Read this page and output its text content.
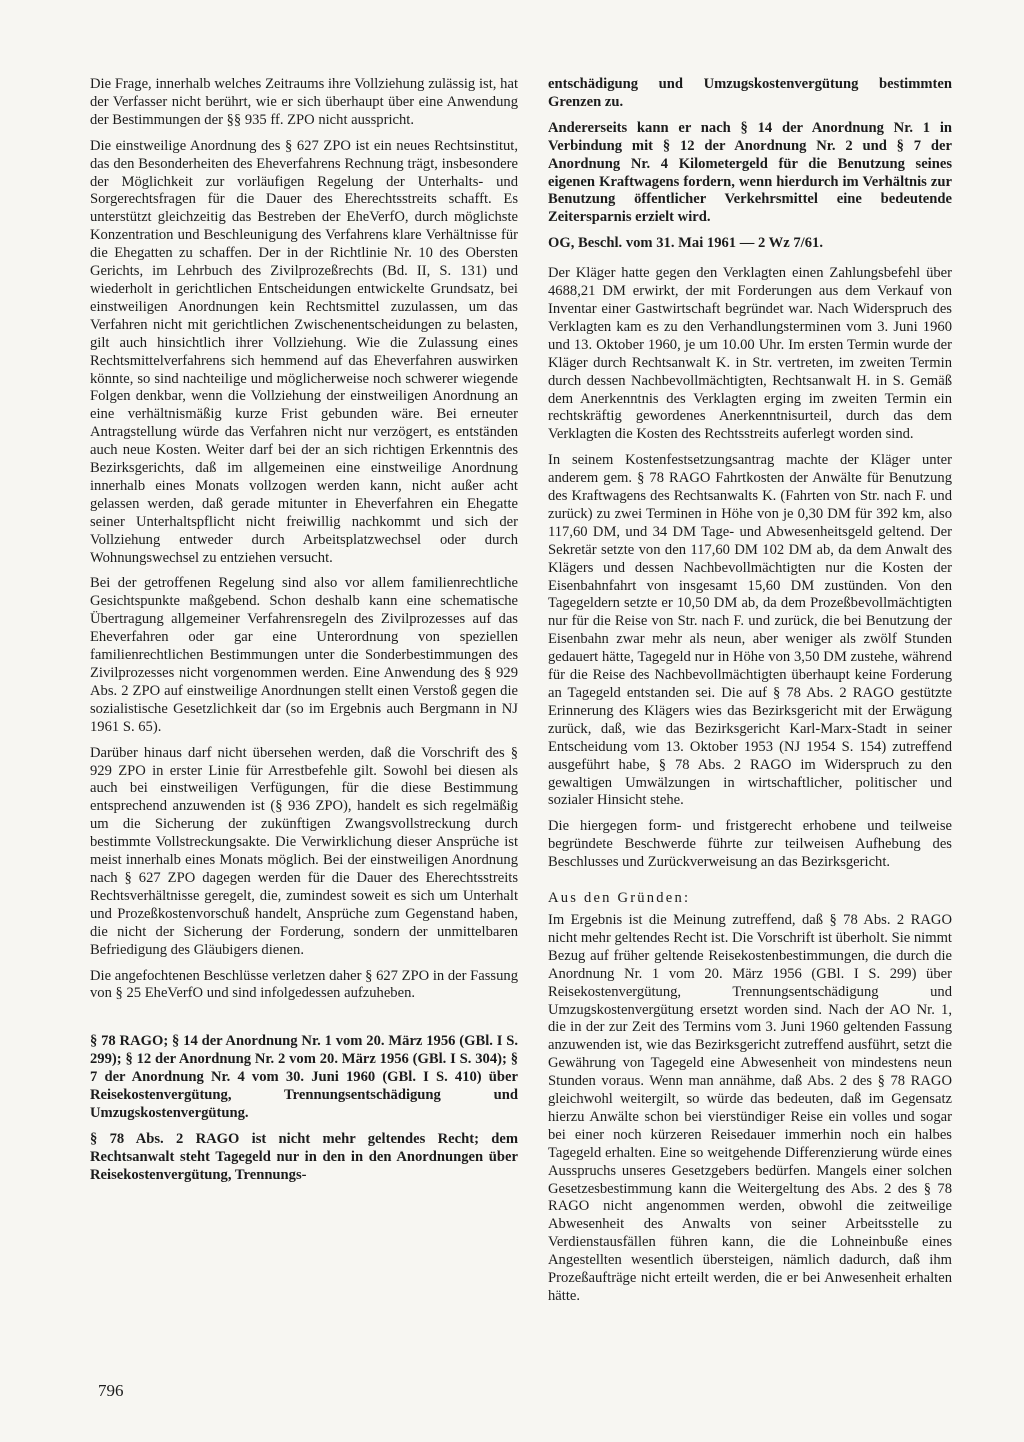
Die Frage, innerhalb welches Zeitraums ihre Vollziehung zulässig ist, hat der Verfasser nicht berührt, wie er sich überhaupt über eine Anwendung der Bestimmungen der §§ 935 ff. ZPO nicht ausspricht.

Die einstweilige Anordnung des § 627 ZPO ist ein neues Rechtsinstitut, das den Besonderheiten des Eheverfahrens Rechnung trägt, insbesondere der Möglichkeit zur vorläufigen Regelung der Unterhalts- und Sorgerechtsfragen für die Dauer des Eherechtsstreits schafft. Es unterstützt gleichzeitig das Bestreben der EheVerfO, durch möglichste Konzentration und Beschleunigung des Verfahrens klare Verhältnisse für die Ehegatten zu schaffen. Der in der Richtlinie Nr. 10 des Obersten Gerichts, im Lehrbuch des Zivilprozeßrechts (Bd. II, S. 131) und wiederholt in gerichtlichen Entscheidungen entwickelte Grundsatz, bei einstweiligen Anordnungen kein Rechtsmittel zuzulassen, um das Verfahren nicht mit gerichtlichen Zwischenentscheidungen zu belasten, gilt auch hinsichtlich ihrer Vollziehung. Wie die Zulassung eines Rechtsmittelverfahrens sich hemmend auf das Eheverfahren auswirken könnte, so sind nachteilige und möglicherweise noch schwerer wiegende Folgen denkbar, wenn die Vollziehung der einstweiligen Anordnung an eine verhältnismäßig kurze Frist gebunden wäre. Bei erneuter Antragstellung würde das Verfahren nicht nur verzögert, es entständen auch neue Kosten. Weiter darf bei der an sich richtigen Erkenntnis des Bezirksgerichts, daß im allgemeinen eine einstweilige Anordnung innerhalb eines Monats vollzogen werden kann, nicht außer acht gelassen werden, daß gerade mitunter in Eheverfahren ein Ehegatte seiner Unterhaltspflicht nicht freiwillig nachkommt und sich der Vollziehung entweder durch Arbeitsplatzwechsel oder durch Wohnungswechsel zu entziehen versucht.

Bei der getroffenen Regelung sind also vor allem familienrechtliche Gesichtspunkte maßgebend. Schon deshalb kann eine schematische Übertragung allgemeiner Verfahrensregeln des Zivilprozesses auf das Eheverfahren oder gar eine Unterordnung von speziellen familienrechtlichen Bestimmungen unter die Sonderbestimmungen des Zivilprozesses nicht vorgenommen werden. Eine Anwendung des § 929 Abs. 2 ZPO auf einstweilige Anordnungen stellt einen Verstoß gegen die sozialistische Gesetzlichkeit dar (so im Ergebnis auch Bergmann in NJ 1961 S. 65).

Darüber hinaus darf nicht übersehen werden, daß die Vorschrift des § 929 ZPO in erster Linie für Arrestbefehle gilt. Sowohl bei diesen als auch bei einstweiligen Verfügungen, für die diese Bestimmung entsprechend anzuwenden ist (§ 936 ZPO), handelt es sich regelmäßig um die Sicherung der zukünftigen Zwangsvollstreckung durch bestimmte Vollstreckungsakte. Die Verwirklichung dieser Ansprüche ist meist innerhalb eines Monats möglich. Bei der einstweiligen Anordnung nach § 627 ZPO dagegen werden für die Dauer des Eherechtsstreits Rechtsverhältnisse geregelt, die, zumindest soweit es sich um Unterhalt und Prozeßkostenvorschuß handelt, Ansprüche zum Gegenstand haben, die nicht der Sicherung der Forderung, sondern der unmittelbaren Befriedigung des Gläubigers dienen.

Die angefochtenen Beschlüsse verletzen daher § 627 ZPO in der Fassung von § 25 EheVerfO und sind infolgedessen aufzuheben.

§ 78 RAGO; § 14 der Anordnung Nr. 1 vom 20. März 1956 (GBl. I S. 299); § 12 der Anordnung Nr. 2 vom 20. März 1956 (GBl. I S. 304); § 7 der Anordnung Nr. 4 vom 30. Juni 1960 (GBl. I S. 410) über Reisekostenvergütung, Trennungsentschädigung und Umzugskostenvergütung.

§ 78 Abs. 2 RAGO ist nicht mehr geltendes Recht; dem Rechtsanwalt steht Tagegeld nur in den in den Anordnungen über Reisekostenvergütung, Trennungs-

entschädigung und Umzugskostenvergütung bestimmten Grenzen zu.

Andererseits kann er nach § 14 der Anordnung Nr. 1 in Verbindung mit § 12 der Anordnung Nr. 2 und § 7 der Anordnung Nr. 4 Kilometergeld für die Benutzung seines eigenen Kraftwagens fordern, wenn hierdurch im Verhältnis zur Benutzung öffentlicher Verkehrsmittel eine bedeutende Zeitersparnis erzielt wird.

OG, Beschl. vom 31. Mai 1961 — 2 Wz 7/61.

Der Kläger hatte gegen den Verklagten einen Zahlungsbefehl über 4688,21 DM erwirkt, der mit Forderungen aus dem Verkauf von Inventar einer Gastwirtschaft begründet war. Nach Widerspruch des Verklagten kam es zu den Verhandlungsterminen vom 3. Juni 1960 und 13. Oktober 1960, je um 10.00 Uhr. Im ersten Termin wurde der Kläger durch Rechtsanwalt K. in Str. vertreten, im zweiten Termin durch dessen Nachbevollmächtigten, Rechtsanwalt H. in S. Gemäß dem Anerkenntnis des Verklagten erging im zweiten Termin ein rechtskräftig gewordenes Anerkenntnisurteil, durch das dem Verklagten die Kosten des Rechtsstreits auferlegt worden sind.

In seinem Kostenfestsetzungsantrag machte der Kläger unter anderem gem. § 78 RAGO Fahrtkosten der Anwälte für Benutzung des Kraftwagens des Rechtsanwalts K. (Fahrten von Str. nach F. und zurück) zu zwei Terminen in Höhe von je 0,30 DM für 392 km, also 117,60 DM, und 34 DM Tage- und Abwesenheitsgeld geltend. Der Sekretär setzte von den 117,60 DM 102 DM ab, da dem Anwalt des Klägers und dessen Nachbevollmächtigten nur die Kosten der Eisenbahnfahrt von insgesamt 15,60 DM zustünden. Von den Tagegeldern setzte er 10,50 DM ab, da dem Prozeßbevollmächtigten nur für die Reise von Str. nach F. und zurück, die bei Benutzung der Eisenbahn zwar mehr als neun, aber weniger als zwölf Stunden gedauert hätte, Tagegeld nur in Höhe von 3,50 DM zustehe, während für die Reise des Nachbevollmächtigten überhaupt keine Forderung an Tagegeld entstanden sei. Die auf § 78 Abs. 2 RAGO gestützte Erinnerung des Klägers wies das Bezirksgericht mit der Erwägung zurück, daß, wie das Bezirksgericht Karl-Marx-Stadt in seiner Entscheidung vom 13. Oktober 1953 (NJ 1954 S. 154) zutreffend ausgeführt habe, § 78 Abs. 2 RAGO im Widerspruch zu den gewaltigen Umwälzungen in wirtschaftlicher, politischer und sozialer Hinsicht stehe.

Die hiergegen form- und fristgerecht erhobene und teilweise begründete Beschwerde führte zur teilweisen Aufhebung des Beschlusses und Zurückverweisung an das Bezirksgericht.

Aus den Gründen:

Im Ergebnis ist die Meinung zutreffend, daß § 78 Abs. 2 RAGO nicht mehr geltendes Recht ist. Die Vorschrift ist überholt. Sie nimmt Bezug auf früher geltende Reisekostenbestimmungen, die durch die Anordnung Nr. 1 vom 20. März 1956 (GBl. I S. 299) über Reisekostenvergütung, Trennungsentschädigung und Umzugskostenvergütung ersetzt worden sind. Nach der AO Nr. 1, die in der zur Zeit des Termins vom 3. Juni 1960 geltenden Fassung anzuwenden ist, wie das Bezirksgericht zutreffend ausführt, setzt die Gewährung von Tagegeld eine Abwesenheit von mindestens neun Stunden voraus. Wenn man annähme, daß Abs. 2 des § 78 RAGO gleichwohl weitergilt, so würde das bedeuten, daß im Gegensatz hierzu Anwälte schon bei vierstündiger Reise ein volles und sogar bei einer noch kürzeren Reisedauer immerhin noch ein halbes Tagegeld erhalten. Eine so weitgehende Differenzierung würde eines Ausspruchs unseres Gesetzgebers bedürfen. Mangels einer solchen Gesetzesbestimmung kann die Weitergeltung des Abs. 2 des § 78 RAGO nicht angenommen werden, obwohl die zeitweilige Abwesenheit des Anwalts von seiner Arbeitsstelle zu Verdienstausfällen führen kann, die die Lohneinbuße eines Angestellten wesentlich übersteigen, nämlich dadurch, daß ihm Prozeßaufträge nicht erteilt werden, die er bei Anwesenheit erhalten hätte.

796
